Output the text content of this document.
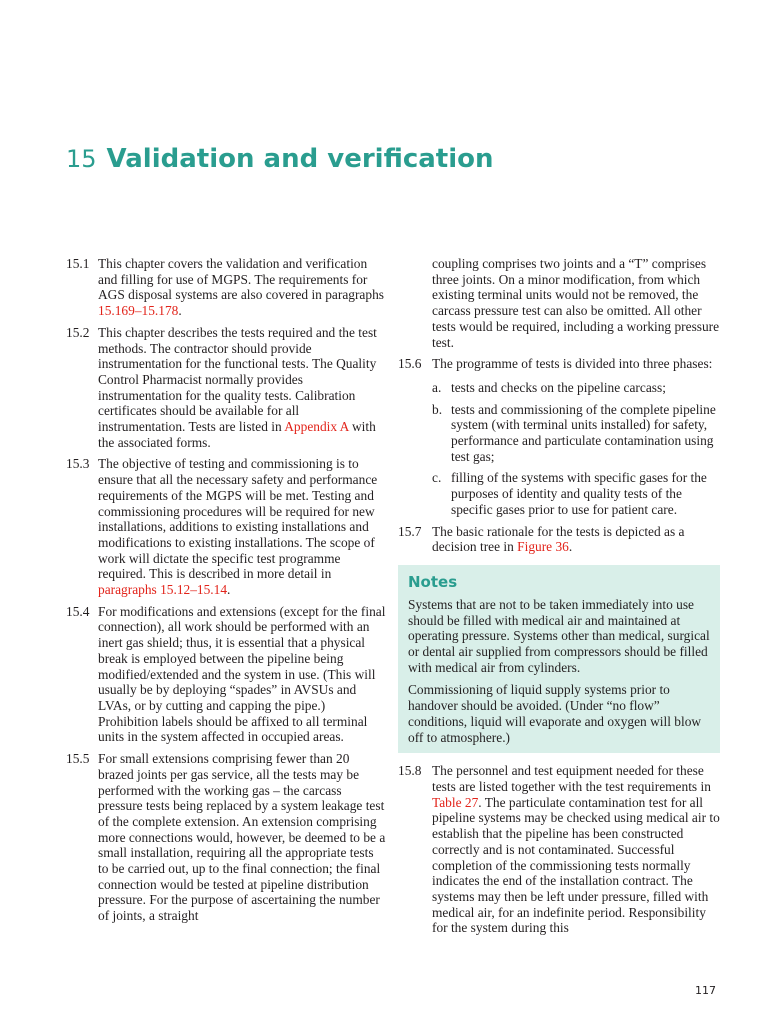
15 Validation and verification
15.1 This chapter covers the validation and verification and filling for use of MGPS. The requirements for AGS disposal systems are also covered in paragraphs 15.169–15.178.
15.2 This chapter describes the tests required and the test methods. The contractor should provide instrumentation for the functional tests. The Quality Control Pharmacist normally provides instrumentation for the quality tests. Calibration certificates should be available for all instrumentation. Tests are listed in Appendix A with the associated forms.
15.3 The objective of testing and commissioning is to ensure that all the necessary safety and performance requirements of the MGPS will be met. Testing and commissioning procedures will be required for new installations, additions to existing installations and modifications to existing installations. The scope of work will dictate the specific test programme required. This is described in more detail in paragraphs 15.12–15.14.
15.4 For modifications and extensions (except for the final connection), all work should be performed with an inert gas shield; thus, it is essential that a physical break is employed between the pipeline being modified/extended and the system in use. (This will usually be by deploying “spades” in AVSUs and LVAs, or by cutting and capping the pipe.) Prohibition labels should be affixed to all terminal units in the system affected in occupied areas.
15.5 For small extensions comprising fewer than 20 brazed joints per gas service, all the tests may be performed with the working gas – the carcass pressure tests being replaced by a system leakage test of the complete extension. An extension comprising more connections would, however, be deemed to be a small installation, requiring all the appropriate tests to be carried out, up to the final connection; the final connection would be tested at pipeline distribution pressure. For the purpose of ascertaining the number of joints, a straight
coupling comprises two joints and a “T” comprises three joints. On a minor modification, from which existing terminal units would not be removed, the carcass pressure test can also be omitted. All other tests would be required, including a working pressure test.
15.6 The programme of tests is divided into three phases:
a. tests and checks on the pipeline carcass;
b. tests and commissioning of the complete pipeline system (with terminal units installed) for safety, performance and particulate contamination using test gas;
c. filling of the systems with specific gases for the purposes of identity and quality tests of the specific gases prior to use for patient care.
15.7 The basic rationale for the tests is depicted as a decision tree in Figure 36.
Notes

Systems that are not to be taken immediately into use should be filled with medical air and maintained at operating pressure. Systems other than medical, surgical or dental air supplied from compressors should be filled with medical air from cylinders.

Commissioning of liquid supply systems prior to handover should be avoided. (Under “no flow” conditions, liquid will evaporate and oxygen will blow off to atmosphere.)

15.8 The personnel and test equipment needed for these tests are listed together with the test requirements in Table 27. The particulate contamination test for all pipeline systems may be checked using medical air to establish that the pipeline has been constructed correctly and is not contaminated. Successful completion of the commissioning tests normally indicates the end of the installation contract. The systems may then be left under pressure, filled with medical air, for an indefinite period. Responsibility for the system during this
117
